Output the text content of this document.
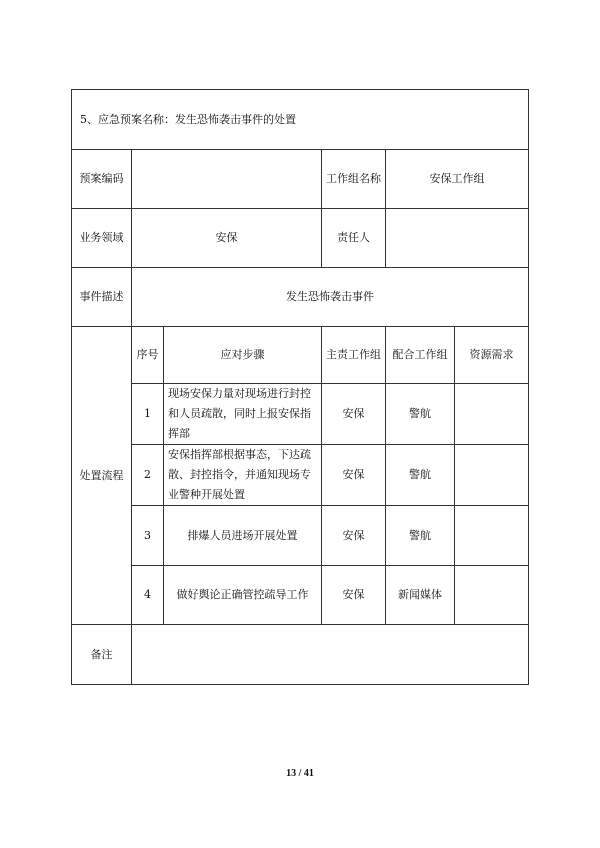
5、应急预案名称：发生恐怖袭击事件的处置					
预案编码			工作组名称	安保工作组	
业务领域	安保		责任人		
事件描述	发生恐怖袭击事件				
处置流程	序号	应对步骤	主责工作组	配合工作组	资源需求
	1	现场安保力量对现场进行封控和人员疏散，同时上报安保指挥部	安保	警航	
	2	安保指挥部根据事态，下达疏散、封控指令，并通知现场专业警种开展处置	安保	警航	
	3	排爆人员进场开展处置	安保	警航	
	4	做好舆论正确管控疏导工作	安保	新闻媒体	
备注					
13 / 41
